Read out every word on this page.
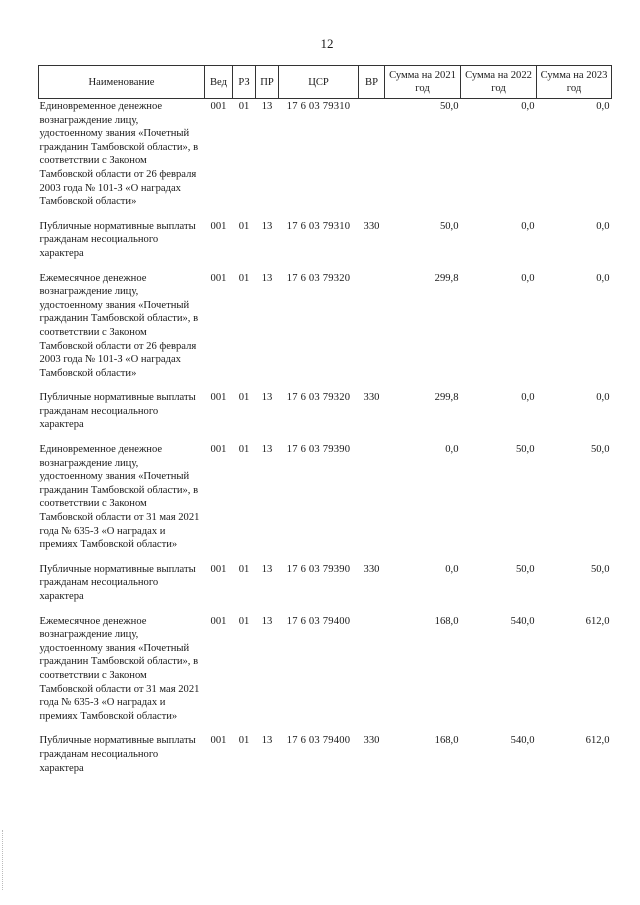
12
Наименование	Вед	РЗ	ПР	ЦСР	ВР	Сумма на 2021 год	Сумма на 2022 год	Сумма на 2023 год
Единовременное денежное вознаграждение лицу, удостоенному звания «Почетный гражданин Тамбовской области», в соответствии с Законом Тамбовской области от 26 февраля 2003 года № 101-З «О наградах Тамбовской области»	001	01	13	17 6 03 79310		50,0	0,0	0,0
Публичные нормативные выплаты гражданам несоциального характера	001	01	13	17 6 03 79310	330	50,0	0,0	0,0
Ежемесячное денежное вознаграждение лицу, удостоенному звания «Почетный гражданин Тамбовской области», в соответствии с Законом Тамбовской области от 26 февраля 2003 года № 101-З «О наградах Тамбовской области»	001	01	13	17 6 03 79320		299,8	0,0	0,0
Публичные нормативные выплаты гражданам несоциального характера	001	01	13	17 6 03 79320	330	299,8	0,0	0,0
Единовременное денежное вознаграждение лицу, удостоенному звания «Почетный гражданин Тамбовской области», в соответствии с Законом Тамбовской области от 31 мая 2021 года № 635-З «О наградах и премиях Тамбовской области»	001	01	13	17 6 03 79390		0,0	50,0	50,0
Публичные нормативные выплаты гражданам несоциального характера	001	01	13	17 6 03 79390	330	0,0	50,0	50,0
Ежемесячное денежное вознаграждение лицу, удостоенному звания «Почетный гражданин Тамбовской области», в соответствии с Законом Тамбовской области от 31 мая 2021 года № 635-З «О наградах и премиях Тамбовской области»	001	01	13	17 6 03 79400		168,0	540,0	612,0
Публичные нормативные выплаты гражданам несоциального характера	001	01	13	17 6 03 79400	330	168,0	540,0	612,0
